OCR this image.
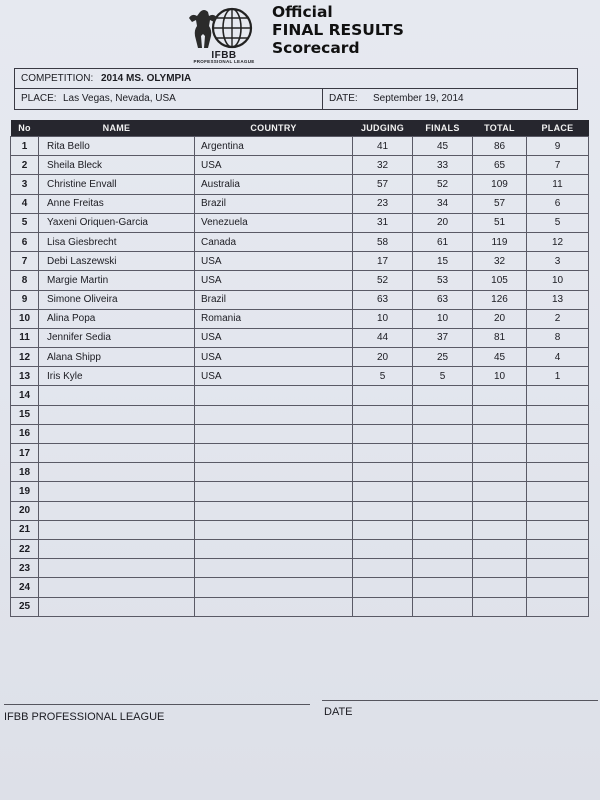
IFBB
PROFESSIONAL LEAGUE
Official
FINAL RESULTS
Scorecard
COMPETITION: 2014 MS. OLYMPIA
PLACE: Las Vegas, Nevada, USA	DATE: September 19, 2014
No	NAME	COUNTRY	JUDGING	FINALS	TOTAL	PLACE
1	Rita Bello	Argentina	41	45	86	9
2	Sheila Bleck	USA	32	33	65	7
3	Christine Envall	Australia	57	52	109	11
4	Anne Freitas	Brazil	23	34	57	6
5	Yaxeni Oriquen-Garcia	Venezuela	31	20	51	5
6	Lisa Giesbrecht	Canada	58	61	119	12
7	Debi Laszewski	USA	17	15	32	3
8	Margie Martin	USA	52	53	105	10
9	Simone Oliveira	Brazil	63	63	126	13
10	Alina Popa	Romania	10	10	20	2
11	Jennifer Sedia	USA	44	37	81	8
12	Alana Shipp	USA	20	25	45	4
13	Iris Kyle	USA	5	5	10	1
14						
15						
16						
17						
18						
19						
20						
21						
22						
23						
24						
25						
IFBB PROFESSIONAL LEAGUE	DATE
